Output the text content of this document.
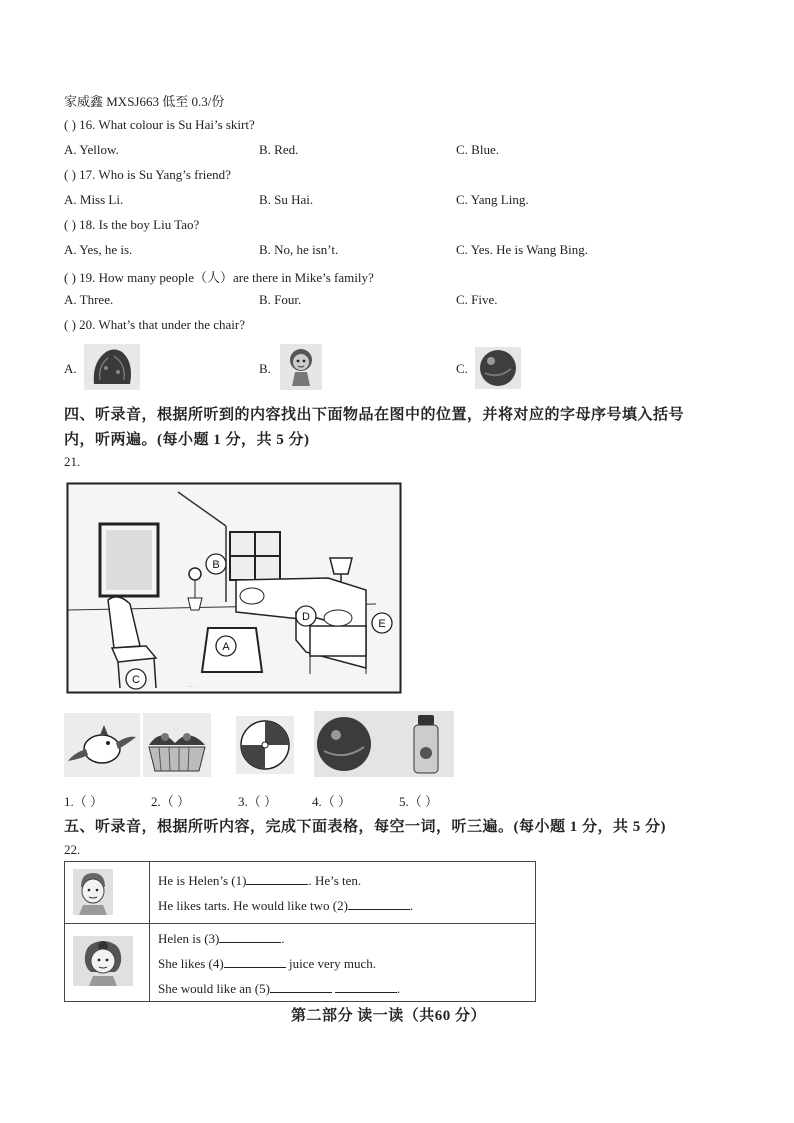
家威鑫 MXSJ663 低至 0.3/份
( ) 16. What colour is Su Hai’s skirt?
A. Yellow.	B. Red.	C. Blue.
( ) 17. Who is Su Yang’s friend?
A. Miss Li.	B. Su Hai.	C. Yang Ling.
( ) 18. Is the boy Liu Tao?
A. Yes, he is.	B. No, he isn’t.	C. Yes. He is Wang Bing.
( ) 19. How many people（人）are there in Mike’s family?
A. Three.	B. Four.	C. Five.
( ) 20. What’s that under the chair?
A.	B.	C.
四、听录音，根据所听到的内容找出下面物品在图中的位置，并将对应的字母序号填入括号
内，听两遍。(每小题 1 分，共 5 分)
21.
· · ·
A
B
C
D
E
1.（ ）	2.（ ）	3.（ ）	4.（ ）	5.（ ）
五、听录音，根据所听内容，完成下面表格，每空一词，听三遍。(每小题 1 分，共 5 分)
22.

He is Helen’s (1) . He’s ten.
He likes tarts. He would like two (2) .

Helen is (3) .
She likes (4) juice very much.
She would like an (5) .
第二部分 读一读（共60 分）
